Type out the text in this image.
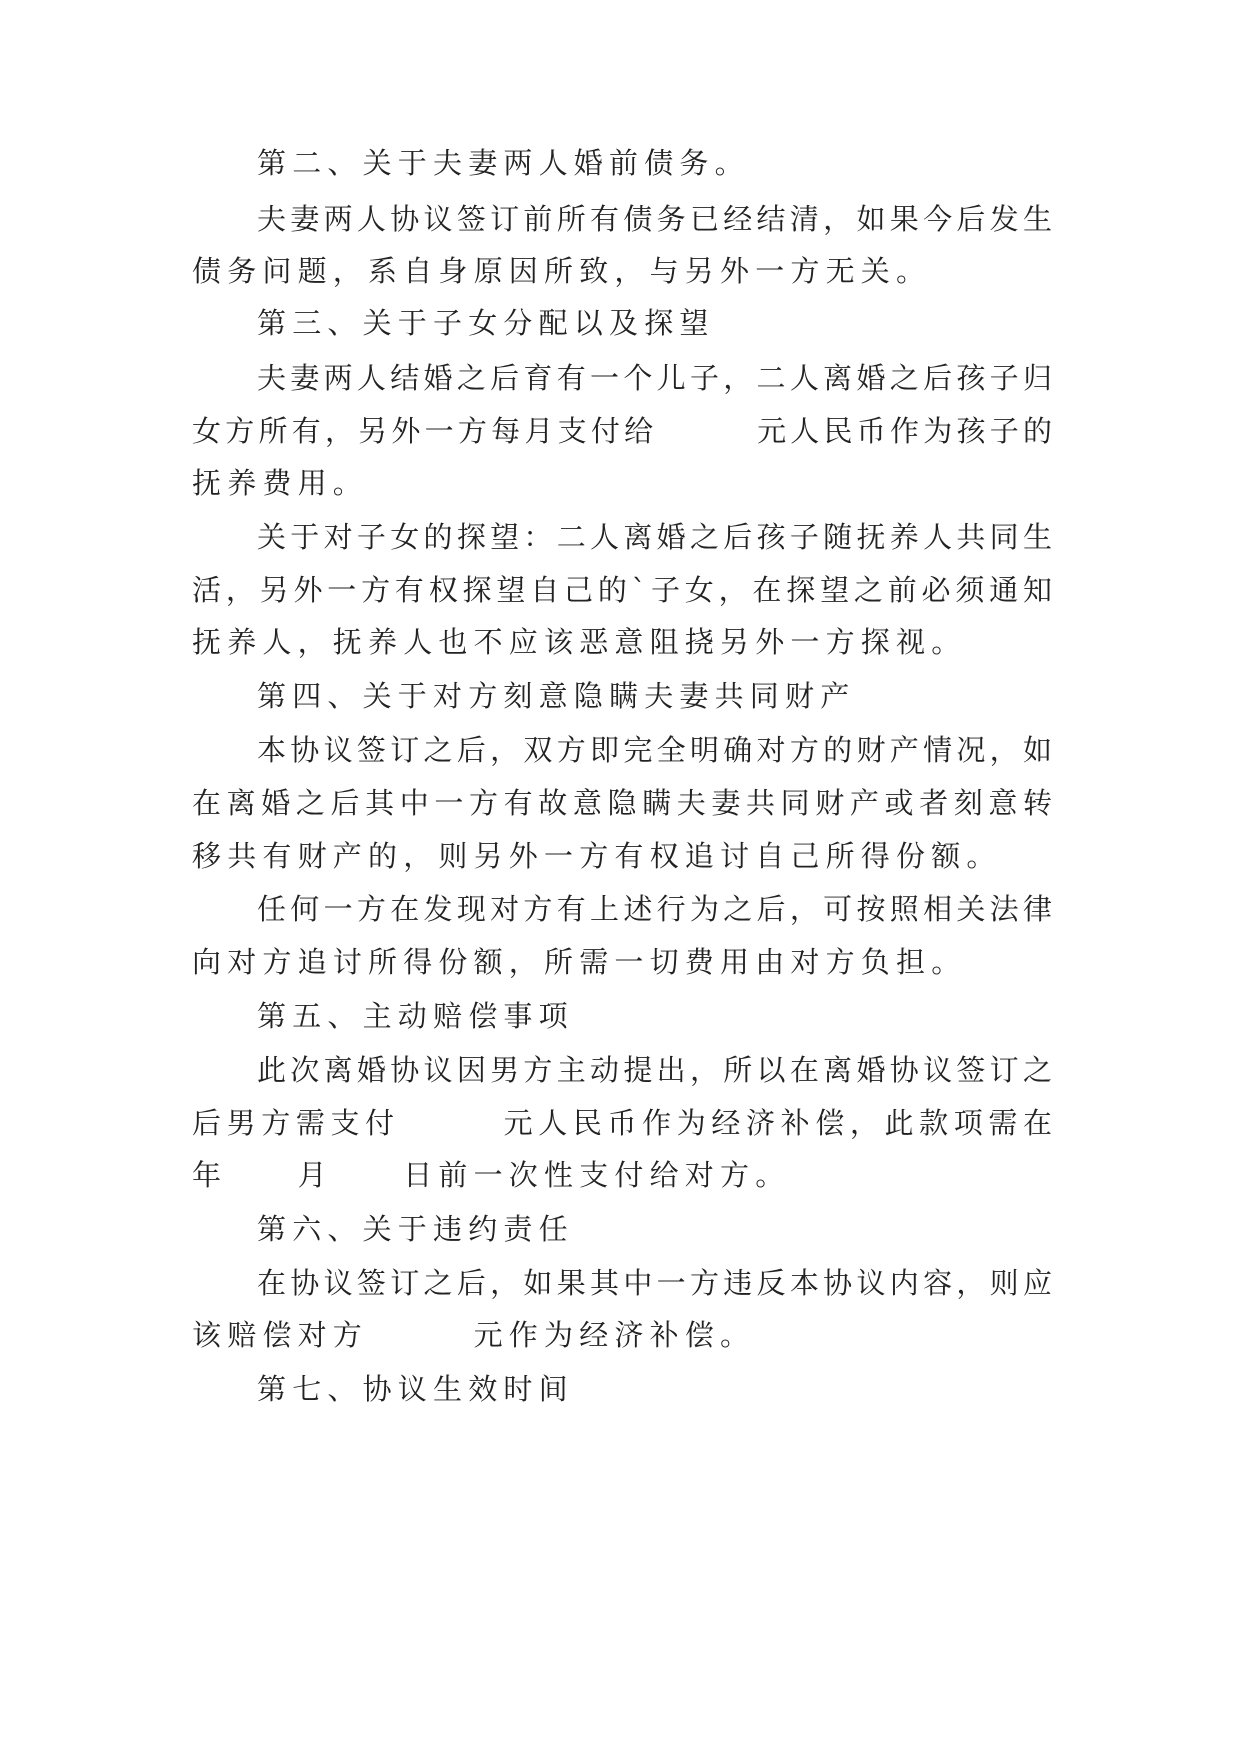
第二、关于夫妻两人婚前债务。
夫妻两人协议签订前所有债务已经结清，如果今后发生
债务问题，系自身原因所致，与另外一方无关。
第三、关于子女分配以及探望
夫妻两人结婚之后育有一个儿子，二人离婚之后孩子归
女方所有，另外一方每月支付给　　　元人民币作为孩子的
抚养费用。
关于对子女的探望：二人离婚之后孩子随抚养人共同生
活，另外一方有权探望自己的`子女，在探望之前必须通知
抚养人，抚养人也不应该恶意阻挠另外一方探视。
第四、关于对方刻意隐瞒夫妻共同财产
本协议签订之后，双方即完全明确对方的财产情况，如
在离婚之后其中一方有故意隐瞒夫妻共同财产或者刻意转
移共有财产的，则另外一方有权追讨自己所得份额。
任何一方在发现对方有上述行为之后，可按照相关法律
向对方追讨所得份额，所需一切费用由对方负担。
第五、主动赔偿事项
此次离婚协议因男方主动提出，所以在离婚协议签订之
后男方需支付　　　元人民币作为经济补偿，此款项需在
年　　月　　日前一次性支付给对方。
第六、关于违约责任
在协议签订之后，如果其中一方违反本协议内容，则应
该赔偿对方　　　元作为经济补偿。
第七、协议生效时间
